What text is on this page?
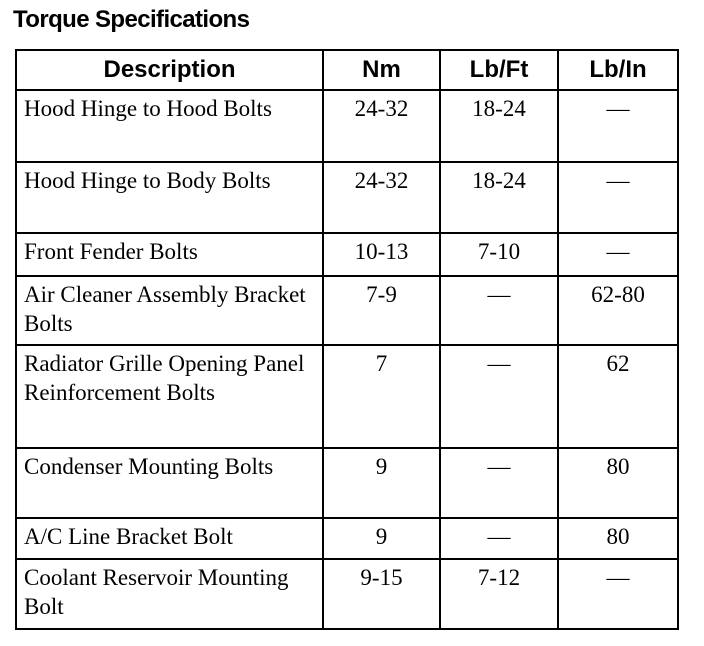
Torque Specifications
Description	Nm	Lb/Ft	Lb/In
Hood Hinge to Hood Bolts	24-32	18-24	—
Hood Hinge to Body Bolts	24-32	18-24	—
Front Fender Bolts	10-13	7-10	—
Air Cleaner Assembly Bracket Bolts	7-9	—	62-80
Radiator Grille Opening Panel Reinforcement Bolts	7	—	62
Condenser Mounting Bolts	9	—	80
A/C Line Bracket Bolt	9	—	80
Coolant Reservoir Mounting Bolt	9-15	7-12	—
